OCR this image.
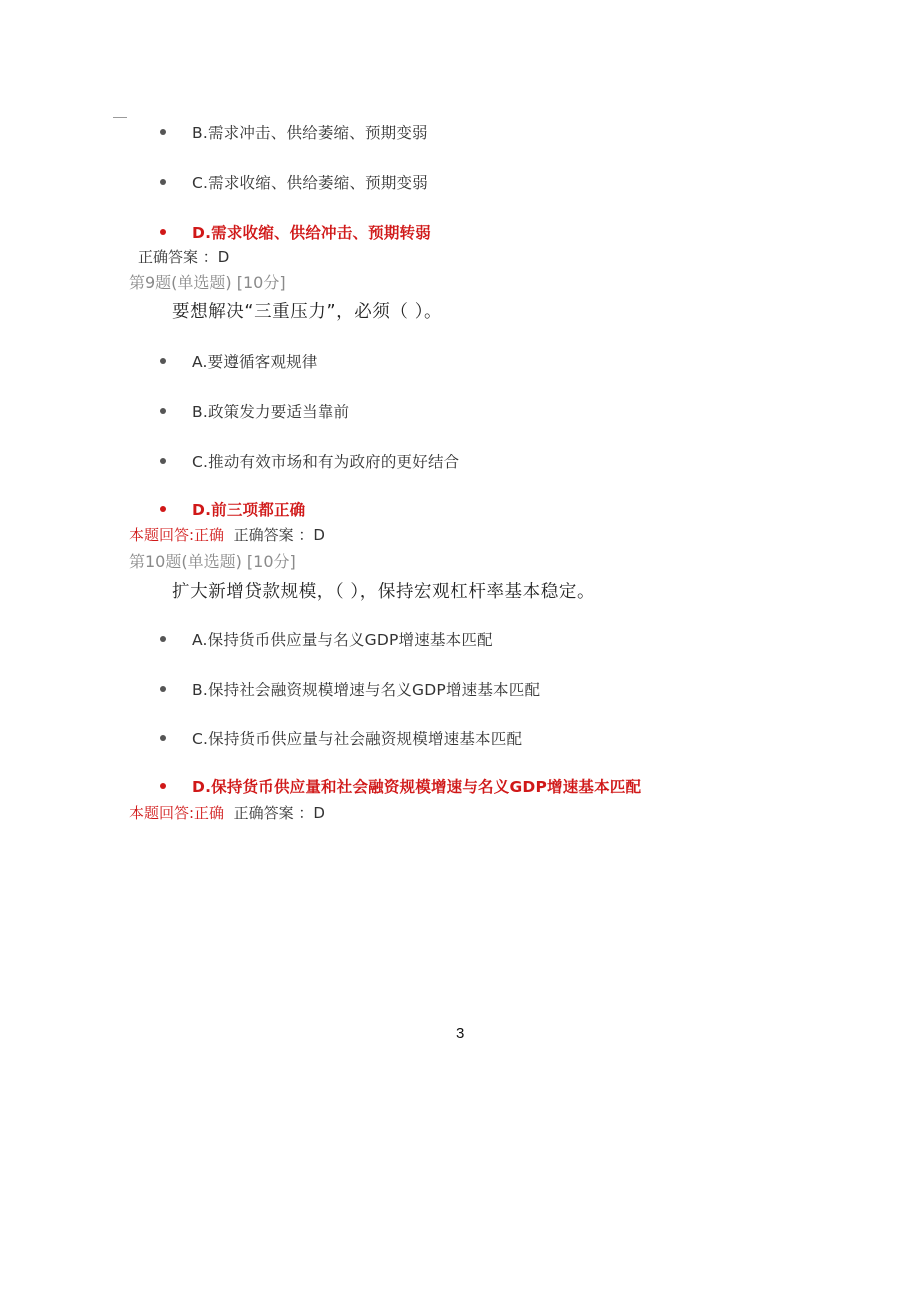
B.需求冲击、供给萎缩、预期变弱
C.需求收缩、供给萎缩、预期变弱
D.需求收缩、供给冲击、预期转弱
正确答案 ：D
第9题(单选题) [10分]
要想解决“三重压力”，必须（ ）。
A.要遵循客观规律
B.政策发力要适当靠前
C.推动有效市场和有为政府的更好结合
D.前三项都正确
本题回答:正确 正确答案 ：D
第10题(单选题) [10分]
扩大新增贷款规模，（ ），保持宏观杠杆率基本稳定。
A.保持货币供应量与名义GDP增速基本匹配
B.保持社会融资规模增速与名义GDP增速基本匹配
C.保持货币供应量与社会融资规模增速基本匹配
D.保持货币供应量和社会融资规模增速与名义GDP增速基本匹配
本题回答:正确 正确答案 ：D
3
